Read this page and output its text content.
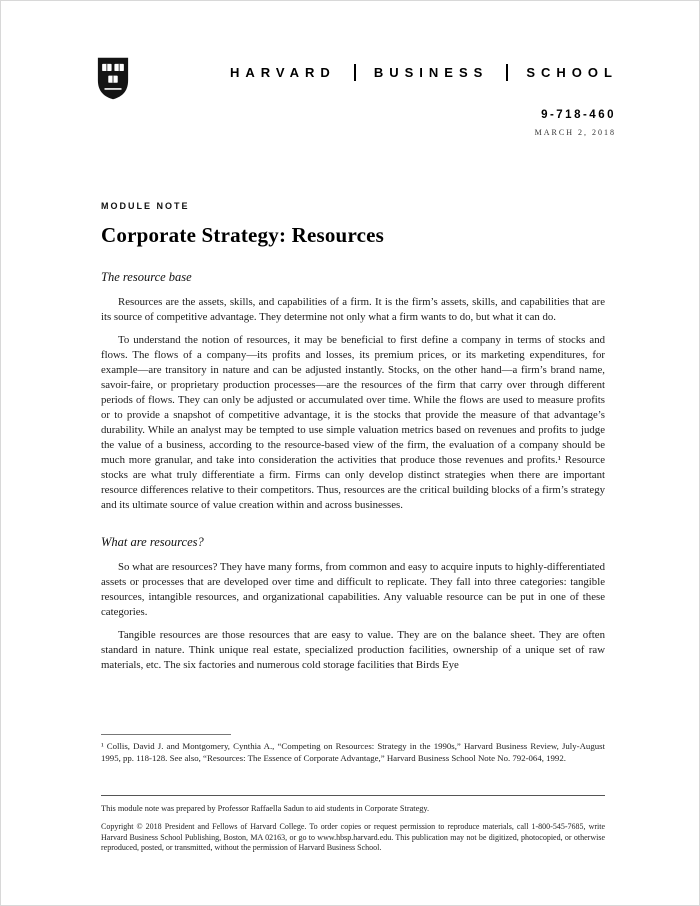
HARVARD	BUSINESS	SCHOOL
9-718-460
MARCH 2, 2018
MODULE NOTE
Corporate Strategy: Resources
The resource base

Resources are the assets, skills, and capabilities of a firm. It is the firm’s assets, skills, and capabilities that are its source of competitive advantage. They determine not only what a firm wants to do, but what it can do.

To understand the notion of resources, it may be beneficial to first define a company in terms of stocks and flows. The flows of a company—its profits and losses, its premium prices, or its marketing expenditures, for example—are transitory in nature and can be adjusted instantly. Stocks, on the other hand—a firm’s brand name, savoir-faire, or proprietary production processes—are the resources of the firm that carry over through different periods of flows. They can only be adjusted or accumulated over time. While the flows are used to measure profits or to provide a snapshot of competitive advantage, it is the stocks that provide the measure of that advantage’s durability. While an analyst may be tempted to use simple valuation metrics based on revenues and profits to judge the value of a business, according to the resource-based view of the firm, the evaluation of a company should be much more granular, and take into consideration the activities that produce those revenues and profits.¹ Resource stocks are what truly differentiate a firm. Firms can only develop distinct strategies when there are important resource differences relative to their competitors. Thus, resources are the critical building blocks of a firm’s strategy and its ultimate source of value creation within and across businesses.

What are resources?

So what are resources? They have many forms, from common and easy to acquire inputs to highly-differentiated assets or processes that are developed over time and difficult to replicate. They fall into three categories: tangible resources, intangible resources, and organizational capabilities. Any valuable resource can be put in one of these categories.

Tangible resources are those resources that are easy to value. They are on the balance sheet. They are often standard in nature. Think unique real estate, specialized production facilities, ownership of a unique set of raw materials, etc. The six factories and numerous cold storage facilities that Birds Eye

¹ Collis, David J. and Montgomery, Cynthia A., “Competing on Resources: Strategy in the 1990s,” Harvard Business Review, July-August 1995, pp. 118-128. See also, “Resources: The Essence of Corporate Advantage,” Harvard Business School Note No. 792-064, 1992.

This module note was prepared by Professor Raffaella Sadun to aid students in Corporate Strategy.

Copyright © 2018 President and Fellows of Harvard College. To order copies or request permission to reproduce materials, call 1-800-545-7685, write Harvard Business School Publishing, Boston, MA 02163, or go to www.hbsp.harvard.edu. This publication may not be digitized, photocopied, or otherwise reproduced, posted, or transmitted, without the permission of Harvard Business School.
